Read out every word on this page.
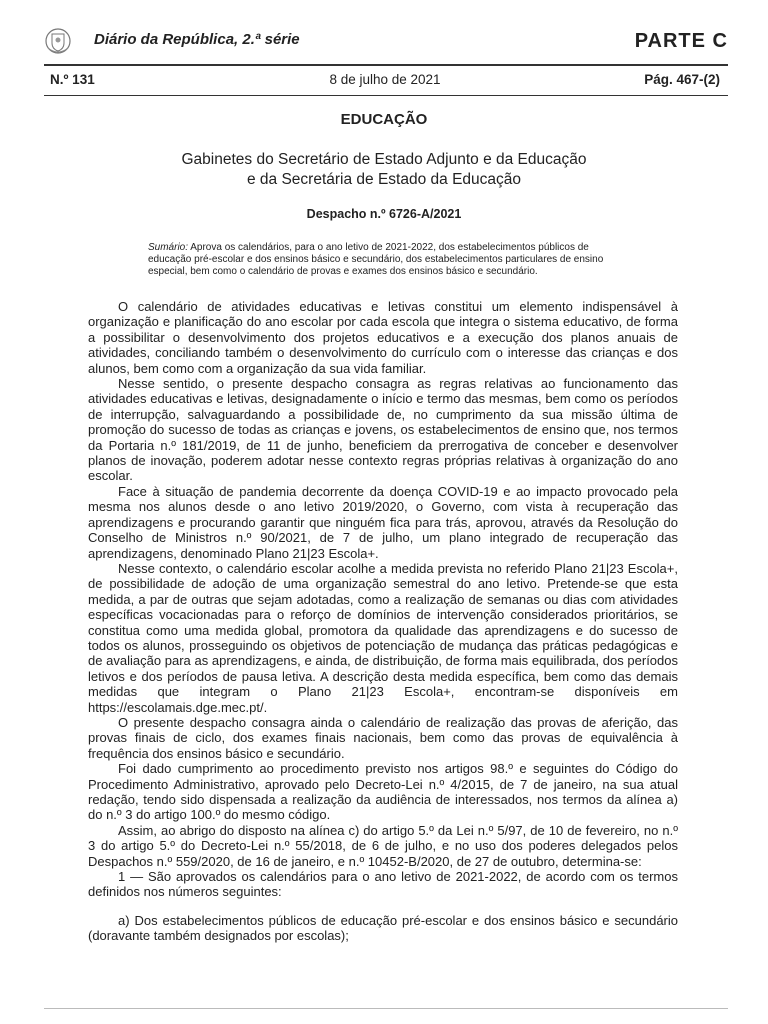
Diário da República, 2.ª série	PARTE C
N.º 131	8 de julho de 2021	Pág. 467-(2)
EDUCAÇÃO
Gabinetes do Secretário de Estado Adjunto e da Educação
e da Secretária de Estado da Educação
Despacho n.º 6726-A/2021
Sumário: Aprova os calendários, para o ano letivo de 2021-2022, dos estabelecimentos públicos de educação pré-escolar e dos ensinos básico e secundário, dos estabelecimentos particulares de ensino especial, bem como o calendário de provas e exames dos ensinos básico e secundário.

O calendário de atividades educativas e letivas constitui um elemento indispensável à organização e planificação do ano escolar por cada escola que integra o sistema educativo, de forma a possibilitar o desenvolvimento dos projetos educativos e a execução dos planos anuais de atividades, conciliando também o desenvolvimento do currículo com o interesse das crianças e dos alunos, bem como com a organização da sua vida familiar.

Nesse sentido, o presente despacho consagra as regras relativas ao funcionamento das atividades educativas e letivas, designadamente o início e termo das mesmas, bem como os períodos de interrupção, salvaguardando a possibilidade de, no cumprimento da sua missão última de promoção do sucesso de todas as crianças e jovens, os estabelecimentos de ensino que, nos termos da Portaria n.º 181/2019, de 11 de junho, beneficiem da prerrogativa de conceber e desenvolver planos de inovação, poderem adotar nesse contexto regras próprias relativas à organização do ano escolar.

Face à situação de pandemia decorrente da doença COVID-19 e ao impacto provocado pela mesma nos alunos desde o ano letivo 2019/2020, o Governo, com vista à recuperação das aprendizagens e procurando garantir que ninguém fica para trás, aprovou, através da Resolução do Conselho de Ministros n.º 90/2021, de 7 de julho, um plano integrado de recuperação das aprendizagens, denominado Plano 21|23 Escola+.

Nesse contexto, o calendário escolar acolhe a medida prevista no referido Plano 21|23 Escola+, de possibilidade de adoção de uma organização semestral do ano letivo. Pretende-se que esta medida, a par de outras que sejam adotadas, como a realização de semanas ou dias com atividades específicas vocacionadas para o reforço de domínios de intervenção considerados prioritários, se constitua como uma medida global, promotora da qualidade das aprendizagens e do sucesso de todos os alunos, prosseguindo os objetivos de potenciação de mudança das práticas pedagógicas e de avaliação para as aprendizagens, e ainda, de distribuição, de forma mais equilibrada, dos períodos letivos e dos períodos de pausa letiva. A descrição desta medida específica, bem como das demais medidas que integram o Plano 21|23 Escola+, encontram-se disponíveis em https://escolamais.dge.mec.pt/.

O presente despacho consagra ainda o calendário de realização das provas de aferição, das provas finais de ciclo, dos exames finais nacionais, bem como das provas de equivalência à frequência dos ensinos básico e secundário.

Foi dado cumprimento ao procedimento previsto nos artigos 98.º e seguintes do Código do Procedimento Administrativo, aprovado pelo Decreto-Lei n.º 4/2015, de 7 de janeiro, na sua atual redação, tendo sido dispensada a realização da audiência de interessados, nos termos da alínea a) do n.º 3 do artigo 100.º do mesmo código.

Assim, ao abrigo do disposto na alínea c) do artigo 5.º da Lei n.º 5/97, de 10 de fevereiro, no n.º 3 do artigo 5.º do Decreto-Lei n.º 55/2018, de 6 de julho, e no uso dos poderes delegados pelos Despachos n.º 559/2020, de 16 de janeiro, e n.º 10452-B/2020, de 27 de outubro, determina-se:

1 — São aprovados os calendários para o ano letivo de 2021-2022, de acordo com os termos definidos nos números seguintes:

a) Dos estabelecimentos públicos de educação pré-escolar e dos ensinos básico e secundário (doravante também designados por escolas);
